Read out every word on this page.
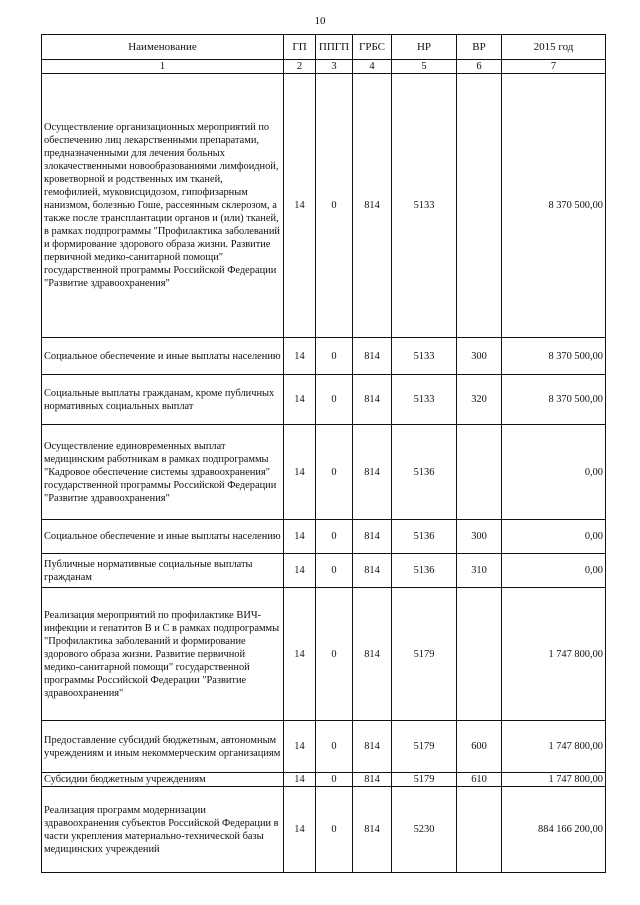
10
Наименование	ГП	ППГП	ГРБС	НР	ВР	2015 год
1	2	3	4	5	6	7
Осуществление организационных мероприятий по обеспечению лиц лекарственными препаратами, предназначенными для лечения больных злокачественными новообразованиями лимфоидной, кроветворной и родственных им тканей, гемофилией, муковисцидозом, гипофизарным нанизмом, болезнью Гоше, рассеянным склерозом, а также после трансплантации органов и (или) тканей, в рамках подпрограммы "Профилактика заболеваний и формирование здорового образа жизни. Развитие первичной медико-санитарной помощи" государственной программы Российской Федерации "Развитие здравоохранения"	14	0	814	5133		8 370 500,00
Социальное обеспечение и иные выплаты населению	14	0	814	5133	300	8 370 500,00
Социальные выплаты гражданам, кроме публичных нормативных социальных выплат	14	0	814	5133	320	8 370 500,00
Осуществление единовременных выплат медицинским работникам в рамках подпрограммы "Кадровое обеспечение системы здравоохранения" государственной программы Российской Федерации "Развитие здравоохранения"	14	0	814	5136		0,00
Социальное обеспечение и иные выплаты населению	14	0	814	5136	300	0,00
Публичные нормативные социальные выплаты гражданам	14	0	814	5136	310	0,00
Реализация мероприятий по профилактике ВИЧ-инфекции и гепатитов В и С в рамках подпрограммы "Профилактика заболеваний и формирование здорового образа жизни. Развитие первичной медико-санитарной помощи" государственной программы Российской Федерации "Развитие здравоохранения"	14	0	814	5179		1 747 800,00
Предоставление субсидий бюджетным, автономным учреждениям и иным некоммерческим организациям	14	0	814	5179	600	1 747 800,00
Субсидии бюджетным учреждениям	14	0	814	5179	610	1 747 800,00
Реализация программ модернизации здравоохранения субъектов Российской Федерации в части укрепления материально-технической базы медицинских учреждений	14	0	814	5230		884 166 200,00
